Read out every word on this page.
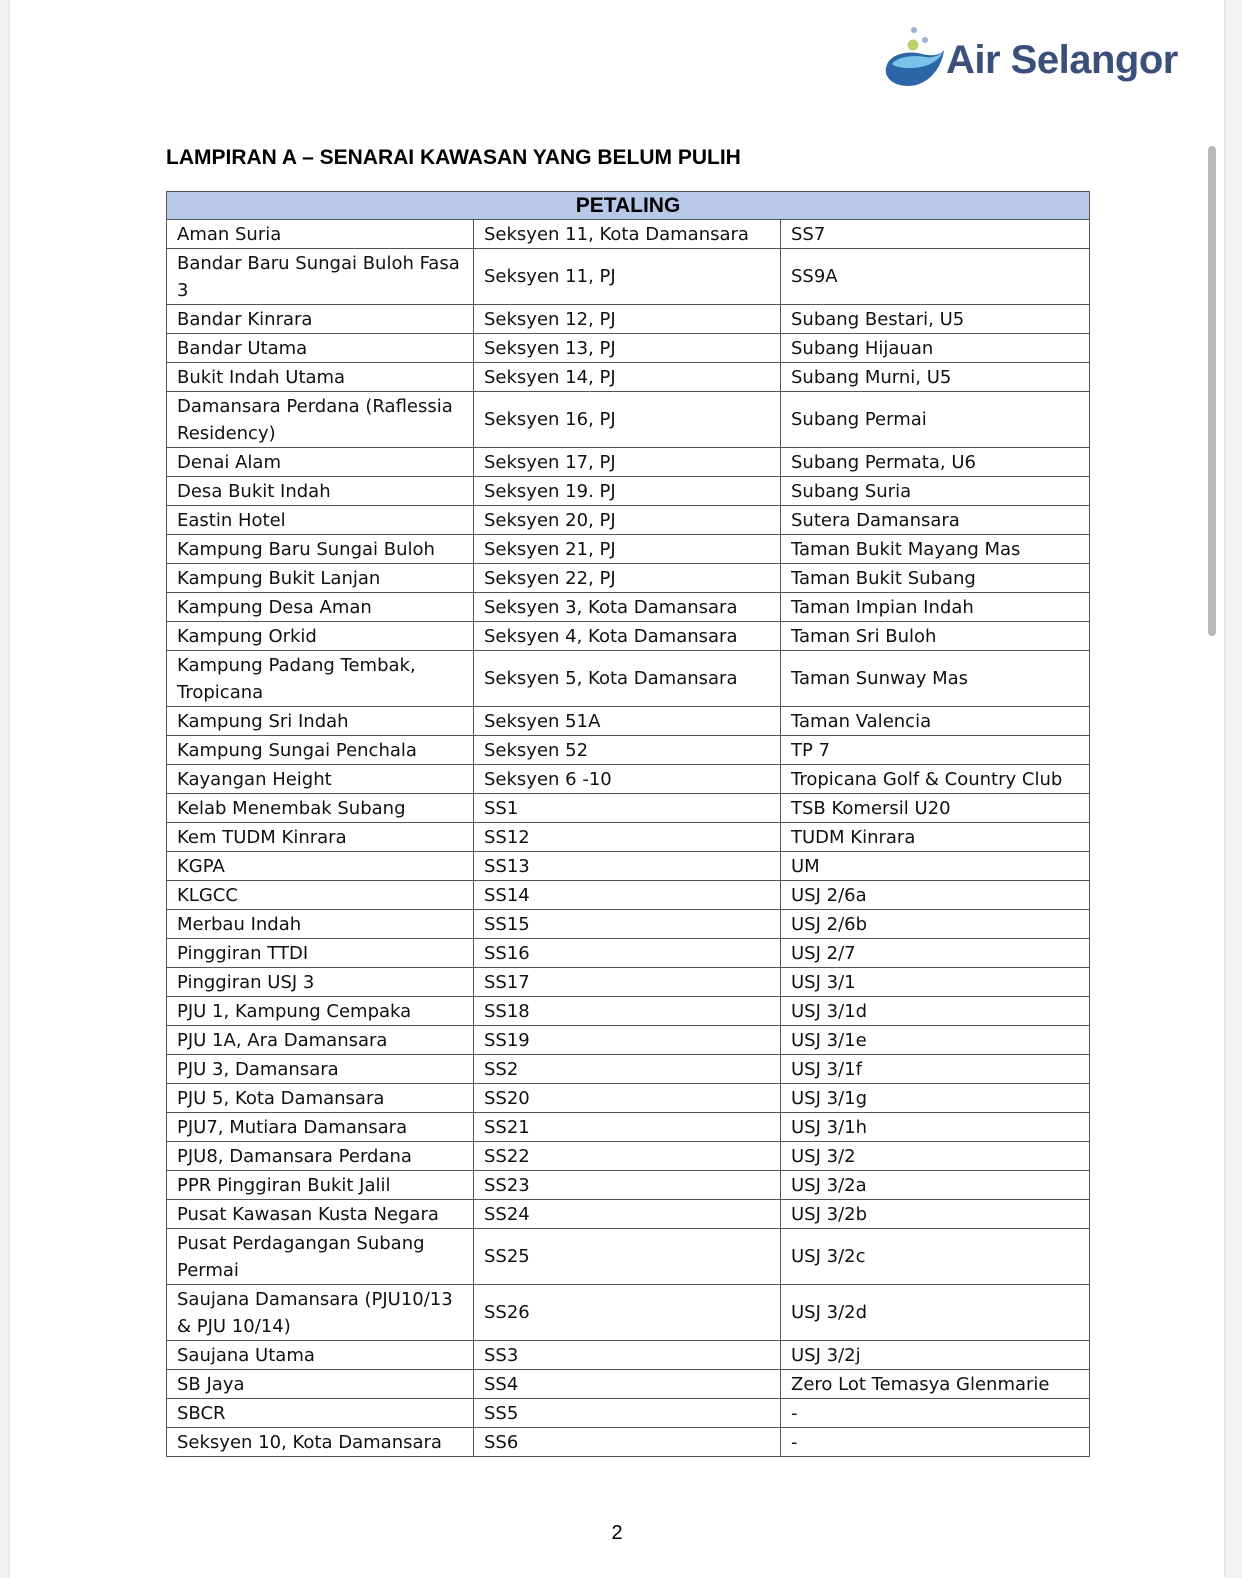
Air Selangor
LAMPIRAN A – SENARAI KAWASAN YANG BELUM PULIH
PETALING		
Aman Suria	Seksyen 11, Kota Damansara	SS7
Bandar Baru Sungai Buloh Fasa 3	Seksyen 11, PJ	SS9A
Bandar Kinrara	Seksyen 12, PJ	Subang Bestari, U5
Bandar Utama	Seksyen 13, PJ	Subang Hijauan
Bukit Indah Utama	Seksyen 14, PJ	Subang Murni, U5
Damansara Perdana (Raflessia Residency)	Seksyen 16, PJ	Subang Permai
Denai Alam	Seksyen 17, PJ	Subang Permata, U6
Desa Bukit Indah	Seksyen 19. PJ	Subang Suria
Eastin Hotel	Seksyen 20, PJ	Sutera Damansara
Kampung Baru Sungai Buloh	Seksyen 21, PJ	Taman Bukit Mayang Mas
Kampung Bukit Lanjan	Seksyen 22, PJ	Taman Bukit Subang
Kampung Desa Aman	Seksyen 3, Kota Damansara	Taman Impian Indah
Kampung Orkid	Seksyen 4, Kota Damansara	Taman Sri Buloh
Kampung Padang Tembak, Tropicana	Seksyen 5, Kota Damansara	Taman Sunway Mas
Kampung Sri Indah	Seksyen 51A	Taman Valencia
Kampung Sungai Penchala	Seksyen 52	TP 7
Kayangan Height	Seksyen 6 -10	Tropicana Golf & Country Club
Kelab Menembak Subang	SS1	TSB Komersil U20
Kem TUDM Kinrara	SS12	TUDM Kinrara
KGPA	SS13	UM
KLGCC	SS14	USJ 2/6a
Merbau Indah	SS15	USJ 2/6b
Pinggiran TTDI	SS16	USJ 2/7
Pinggiran USJ 3	SS17	USJ 3/1
PJU 1, Kampung Cempaka	SS18	USJ 3/1d
PJU 1A, Ara Damansara	SS19	USJ 3/1e
PJU 3, Damansara	SS2	USJ 3/1f
PJU 5, Kota Damansara	SS20	USJ 3/1g
PJU7, Mutiara Damansara	SS21	USJ 3/1h
PJU8, Damansara Perdana	SS22	USJ 3/2
PPR Pinggiran Bukit Jalil	SS23	USJ 3/2a
Pusat Kawasan Kusta Negara	SS24	USJ 3/2b
Pusat Perdagangan Subang Permai	SS25	USJ 3/2c
Saujana Damansara (PJU10/13 & PJU 10/14)	SS26	USJ 3/2d
Saujana Utama	SS3	USJ 3/2j
SB Jaya	SS4	Zero Lot Temasya Glenmarie
SBCR	SS5	-
Seksyen 10, Kota Damansara	SS6	-
2
